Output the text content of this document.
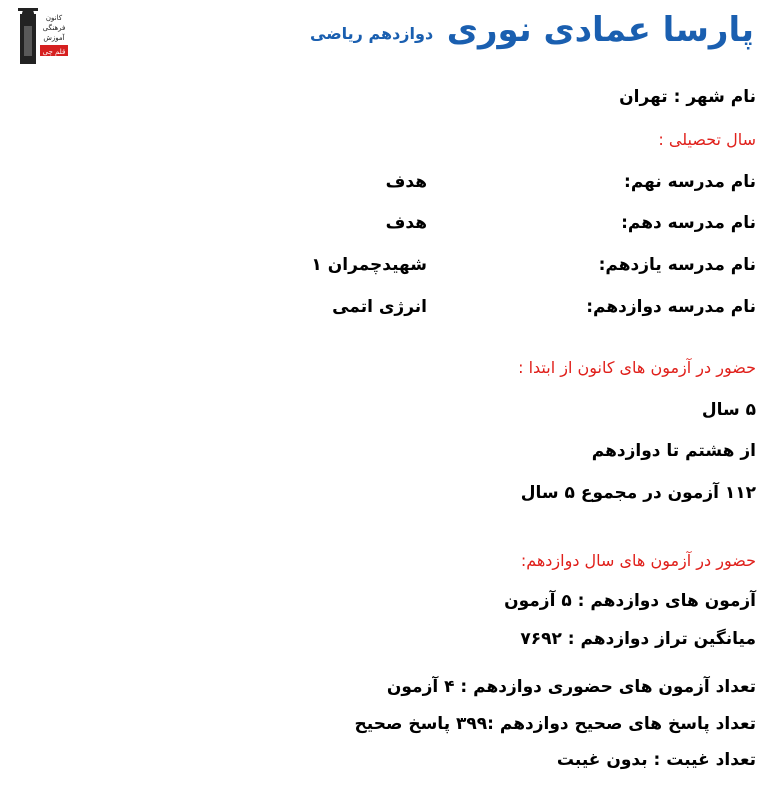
کانون
فرهنگی
آموزش
قلم چی
پارسا عمادی نوری
دوازدهم ریاضی
نام شهر : تهران
سال تحصیلی :
نام مدرسه نهم:
هدف
نام مدرسه دهم:
هدف
نام مدرسه یازدهم:
شهیدچمران ۱
نام مدرسه دوازدهم:
انرژی اتمی
حضور در آزمون های کانون از ابتدا :
۵ سال
از هشتم تا دوازدهم
۱۱۲ آزمون در مجموع ۵ سال
حضور در آزمون های سال دوازدهم:
آزمون های دوازدهم : ۵ آزمون
میانگین تراز دوازدهم : ۷۶۹۲
تعداد آزمون های حضوری دوازدهم : ۴ آزمون
تعداد پاسخ های صحیح دوازدهم :۳۹۹ پاسخ صحیح
تعداد غیبت : بدون غیبت
